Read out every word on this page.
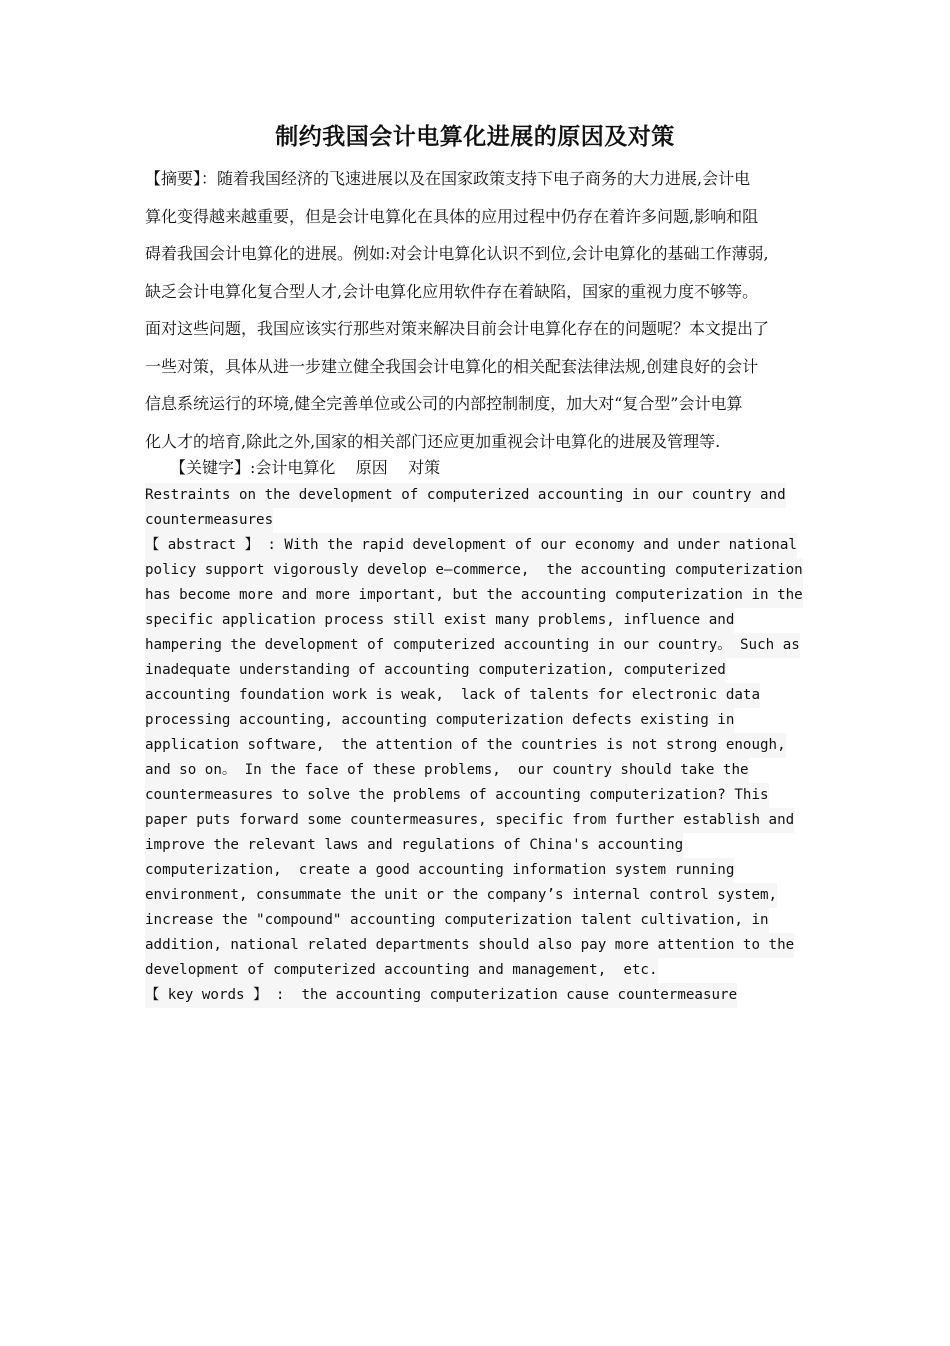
制约我国会计电算化进展的原因及对策
【摘要】：随着我国经济的飞速进展以及在国家政策支持下电子商务的大力进展,会计电
算化变得越来越重要，但是会计电算化在具体的应用过程中仍存在着许多问题,影响和阻
碍着我国会计电算化的进展。例如:对会计电算化认识不到位,会计电算化的基础工作薄弱,
缺乏会计电算化复合型人才,会计电算化应用软件存在着缺陷，国家的重视力度不够等。
面对这些问题，我国应该实行那些对策来解决目前会计电算化存在的问题呢？本文提出了
一些对策，具体从进一步建立健全我国会计电算化的相关配套法律法规,创建良好的会计
信息系统运行的环境,健全完善单位或公司的内部控制制度，加大对“复合型”会计电算
化人才的培育,除此之外,国家的相关部门还应更加重视会计电算化的进展及管理等.
【关键字】:会计电算化    原因    对策
Restraints on the development of computerized accounting in our country and
countermeasures
【 abstract 】 : With the rapid development of our economy and under national
policy support vigorously develop e—commerce,  the accounting computerization
has become more and more important, but the accounting computerization in the
specific application process still exist many problems, influence and
hampering the development of computerized accounting in our country。 Such as
inadequate understanding of accounting computerization, computerized
accounting foundation work is weak,  lack of talents for electronic data
processing accounting, accounting computerization defects existing in
application software,  the attention of the countries is not strong enough,
and so on。 In the face of these problems,  our country should take the
countermeasures to solve the problems of accounting computerization? This
paper puts forward some countermeasures, specific from further establish and
improve the relevant laws and regulations of China's accounting
computerization,  create a good accounting information system running
environment, consummate the unit or the company’s internal control system,
increase the "compound" accounting computerization talent cultivation, in
addition, national related departments should also pay more attention to the
development of computerized accounting and management,  etc.
【 key words 】 :  the accounting computerization cause countermeasure
